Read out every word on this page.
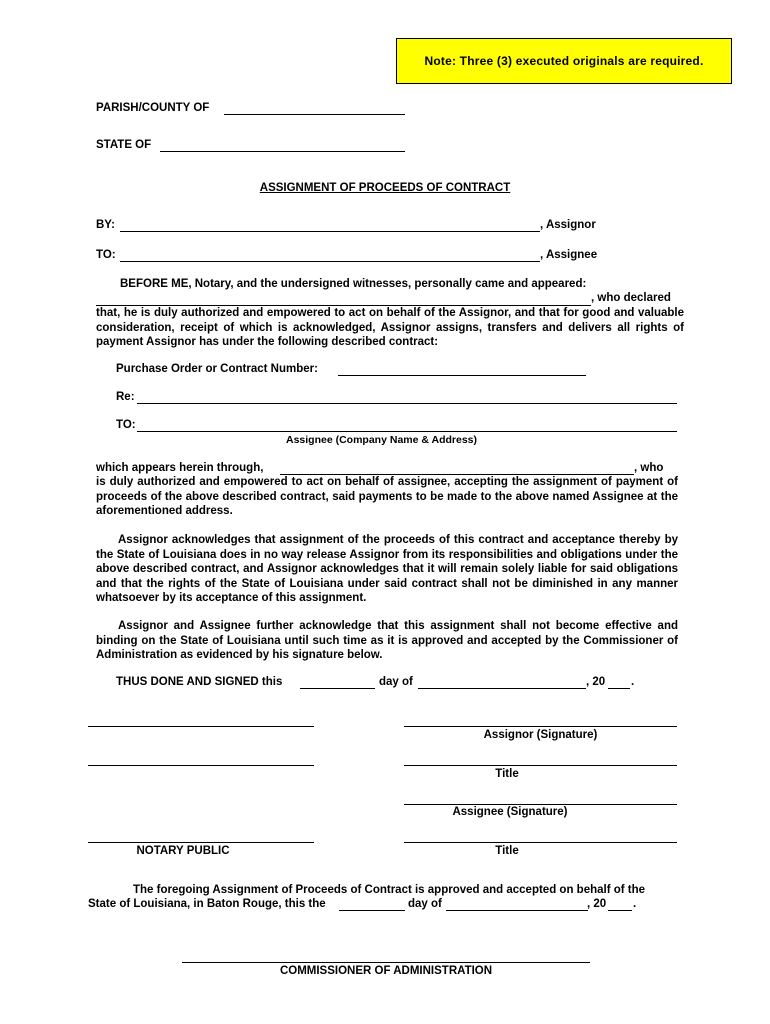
Note: Three (3) executed originals are required.
PARISH/COUNTY OF
STATE OF
ASSIGNMENT OF PROCEEDS OF CONTRACT
BY:	, Assignor
TO:	, Assignee
BEFORE ME, Notary, and the undersigned witnesses, personally came and appeared:
, who declared
that, he is duly authorized and empowered to act on behalf of the Assignor, and that for good and valuable consideration, receipt of which is acknowledged, Assignor assigns, transfers and delivers all rights of payment Assignor has under the following described contract:
Purchase Order or Contract Number:
Re:
TO:
Assignee (Company Name & Address)
which appears herein through,	, who
is duly authorized and empowered to act on behalf of assignee, accepting the assignment of payment of proceeds of the above described contract, said payments to be made to the above named Assignee at the aforementioned address.
Assignor acknowledges that assignment of the proceeds of this contract and acceptance thereby by the State of Louisiana does in no way release Assignor from its responsibilities and obligations under the above described contract, and Assignor acknowledges that it will remain solely liable for said obligations and that the rights of the State of Louisiana under said contract shall not be diminished in any manner whatsoever by its acceptance of this assignment.
Assignor and Assignee further acknowledge that this assignment shall not become effective and binding on the State of Louisiana until such time as it is approved and accepted by the Commissioner of Administration as evidenced by his signature below.
THUS DONE AND SIGNED this	day of	, 20 .
Assignor (Signature)
Title
Assignee (Signature)
NOTARY PUBLIC	Title
The foregoing Assignment of Proceeds of Contract is approved and accepted on behalf of the
State of Louisiana, in Baton Rouge, this the	day of	, 20 .
COMMISSIONER OF ADMINISTRATION
